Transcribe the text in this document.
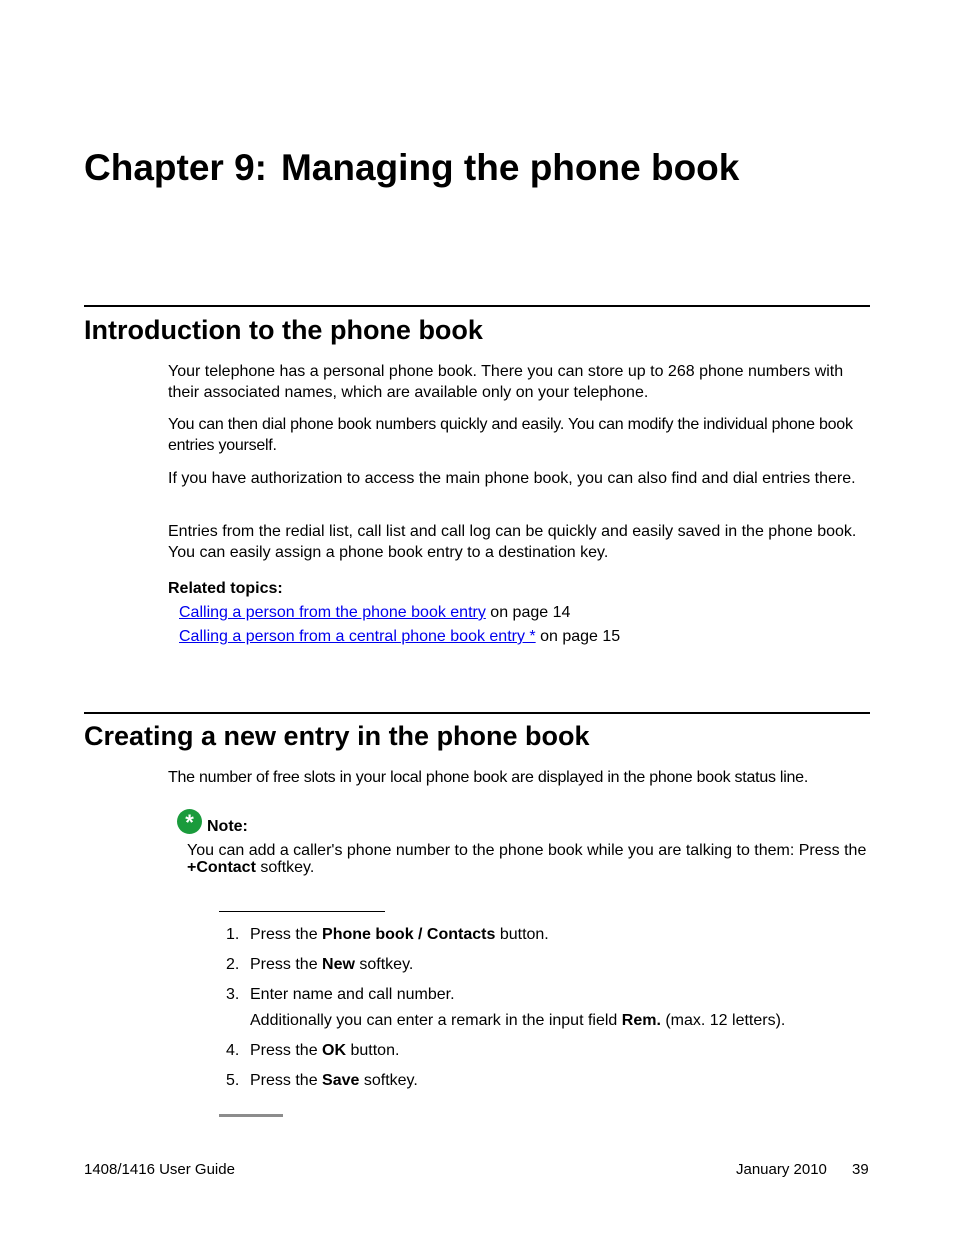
Chapter 9: Managing the phone book
Introduction to the phone book

Your telephone has a personal phone book. There you can store up to 268 phone numbers with their associated names, which are available only on your telephone.

You can then dial phone book numbers quickly and easily. You can modify the individual phone book entries yourself.

If you have authorization to access the main phone book, you can also find and dial entries there.

Entries from the redial list, call list and call log can be quickly and easily saved in the phone book. You can easily assign a phone book entry to a destination key.

Related topics:

Calling a person from the phone book entry on page 14
Calling a person from a central phone book entry * on page 15
Creating a new entry in the phone book

The number of free slots in your local phone book are displayed in the phone book status line.

* Note:

You can add a caller's phone number to the phone book while you are talking to them: Press the +Contact softkey.

1. Press the Phone book / Contacts button.
2. Press the New softkey.
3. Enter name and call number.
Additionally you can enter a remark in the input field Rem. (max. 12 letters).
4. Press the OK button.
5. Press the Save softkey.
1408/1416 User Guide	January 2010 39
